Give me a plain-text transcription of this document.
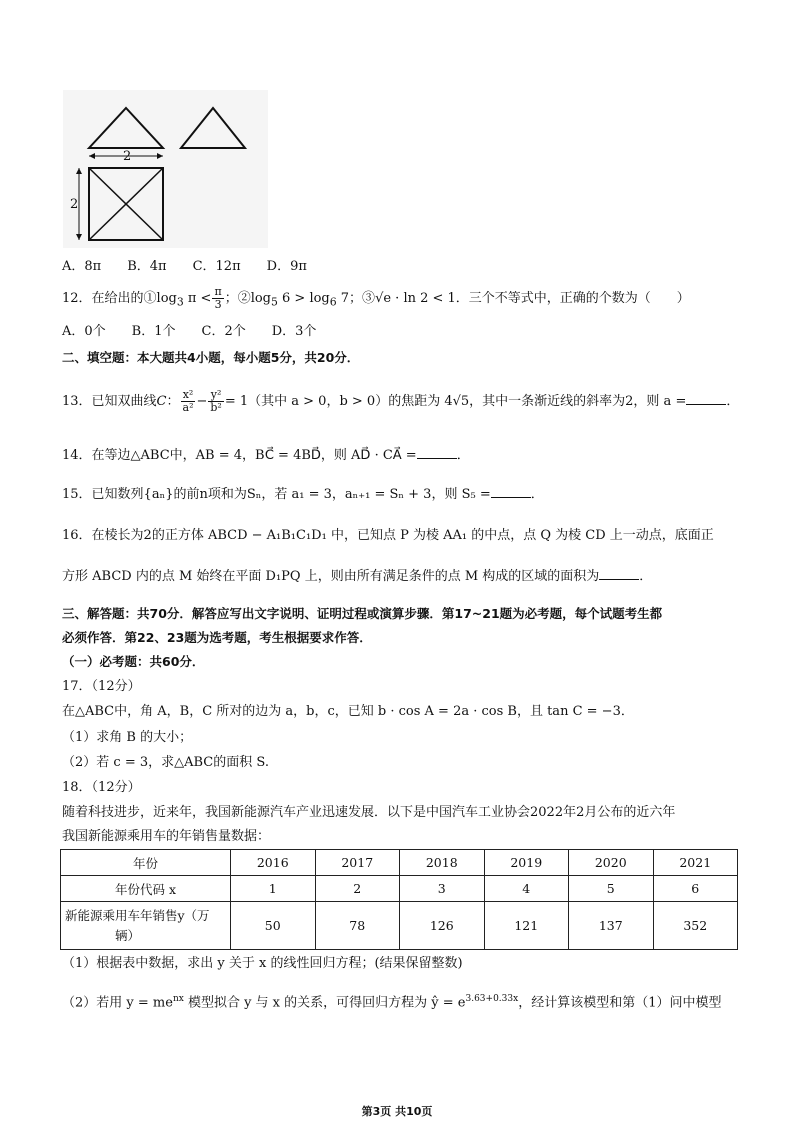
2
2
A．8π B．4π C．12π D．9π
12．在给出的$①\log_3$ $\pi < \frac{\pi}{3}$ ；$②\log_5$ $6 > \log_6 7$；③√e · ln 2 < 1．三个不等式中，正确的个数为（　　）
A．0个 B．1个 C．2个 D．3个
二、填空题：本大题共4小题，每小题5分，共20分．
13．已知双曲线C： $\frac{\text{x²}}{\text{a²}} - \frac{\text{y²}}{\text{b²}} = 1$（其中 a > 0，b > 0）的焦距为 4√5，其中一条渐近线的斜率为2，则 a =	．
14．在等边△ABC中，AB = 4，BC⃗ = 4BD⃗，则 AD⃗ · CA⃗ =	．
15．已知数列{aₙ}的前n项和为Sₙ，若 a₁ = 3，aₙ₊₁ = Sₙ + 3，则 S₅ =	．
16．在棱长为2的正方体 ABCD − A₁B₁C₁D₁ 中，已知点 P 为棱 AA₁ 的中点，点 Q 为棱 CD 上一动点，底面正
方形 ABCD 内的点 M 始终在平面 D₁PQ 上，则由所有满足条件的点 M 构成的区域的面积为	．
三、解答题：共70分．解答应写出文字说明、证明过程或演算步骤．第17~21题为必考题，每个试题考生都
必须作答．第22、23题为选考题，考生根据要求作答．
（一）必考题：共60分．
17．（12分）
在△ABC中，角 A，B，C 所对的边为 a，b，c，已知 b · cos A = 2a · cos B，且 tan C = −3．
（1）求角 B 的大小；
（2）若 c = 3，求△ABC的面积 S.
18．（12分）
随着科技进步，近来年，我国新能源汽车产业迅速发展．以下是中国汽车工业协会2022年2月公布的近六年
我国新能源乘用车的年销售量数据：
年份	2016	2017	2018	2019	2020	2021
年份代码 x	1	2	3	4	5	6
新能源乘用车年销售y（万
辆）	50	78	126	121	137	352
（1）根据表中数据，求出 y 关于 x 的线性回归方程；(结果保留整数)
（2）若用 $y = me^{nx}$ 模型拟合 y 与 x 的关系，可得回归方程为 ŷ = $e^{3.63+0.33x}$，经计算该模型和第（1）问中模型
第3页 共10页
